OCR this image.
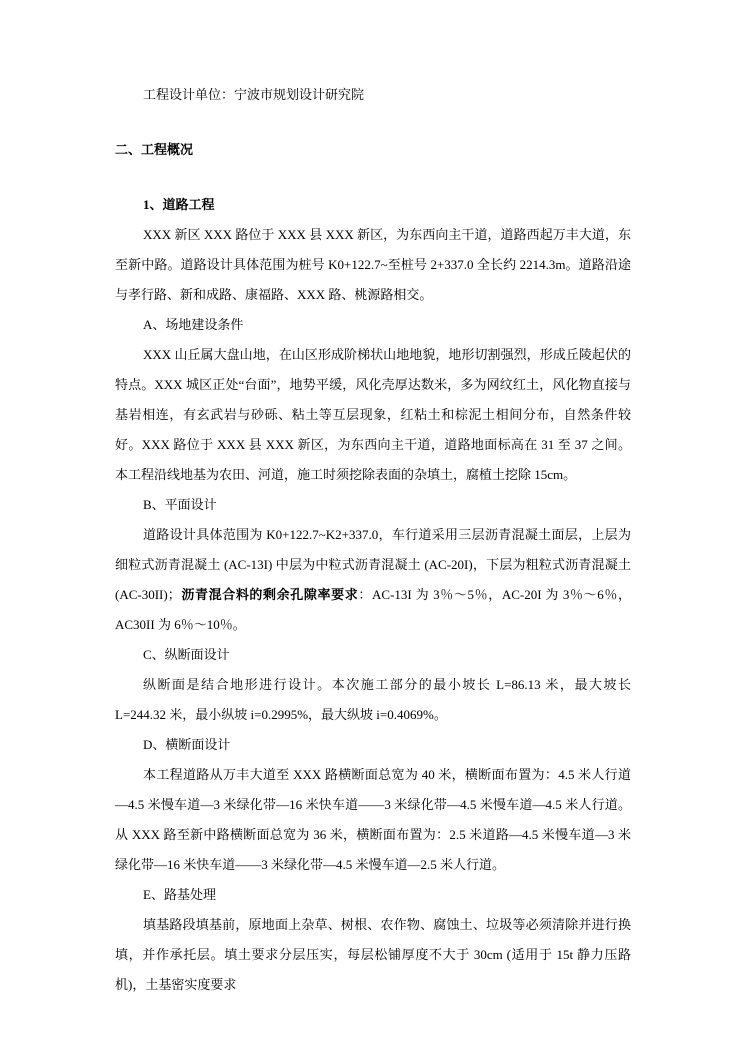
工程设计单位：宁波市规划设计研究院

二、工程概况

1、道路工程

XXX 新区 XXX 路位于 XXX 县 XXX 新区，为东西向主干道，道路西起万丰大道，东至新中路。道路设计具体范围为桩号 K0+122.7~至桩号 2+337.0 全长约 2214.3m。道路沿途与孝行路、新和成路、康福路、XXX 路、桃源路相交。

A、场地建设条件

XXX 山丘属大盘山地，在山区形成阶梯状山地地貌，地形切割强烈，形成丘陵起伏的特点。XXX 城区正处“台面”，地势平缓，风化壳厚达数米，多为网纹红土，风化物直接与基岩相连，有玄武岩与砂砾、粘土等互层现象，红粘土和棕泥土相间分布，自然条件较好。XXX 路位于 XXX 县 XXX 新区，为东西向主干道，道路地面标高在 31 至 37 之间。本工程沿线地基为农田、河道，施工时须挖除表面的杂填土，腐植土挖除 15cm。

B、平面设计

道路设计具体范围为 K0+122.7~K2+337.0，车行道采用三层沥青混凝土面层，上层为细粒式沥青混凝土 (AC-13I) 中层为中粒式沥青混凝土 (AC-20I)，下层为粗粒式沥青混凝土 (AC-30II)；沥青混合料的剩余孔隙率要求：AC-13I 为 3％～5％，AC-20I 为 3％～6％，AC30II 为 6％～10％。

C、纵断面设计

纵断面是结合地形进行设计。本次施工部分的最小坡长 L=86.13 米，最大坡长 L=244.32 米，最小纵坡 i=0.2995%，最大纵坡 i=0.4069%。

D、横断面设计

本工程道路从万丰大道至 XXX 路横断面总宽为 40 米，横断面布置为：4.5 米人行道—4.5 米慢车道—3 米绿化带—16 米快车道——3 米绿化带—4.5 米慢车道—4.5 米人行道。从 XXX 路至新中路横断面总宽为 36 米，横断面布置为：2.5 米道路—4.5 米慢车道—3 米绿化带—16 米快车道——3 米绿化带—4.5 米慢车道—2.5 米人行道。

E、路基处理

填基路段填基前，原地面上杂草、树根、农作物、腐蚀土、垃圾等必须清除并进行换填，并作承托层。填土要求分层压实，每层松铺厚度不大于 30cm (适用于 15t 静力压路机)，土基密实度要求
